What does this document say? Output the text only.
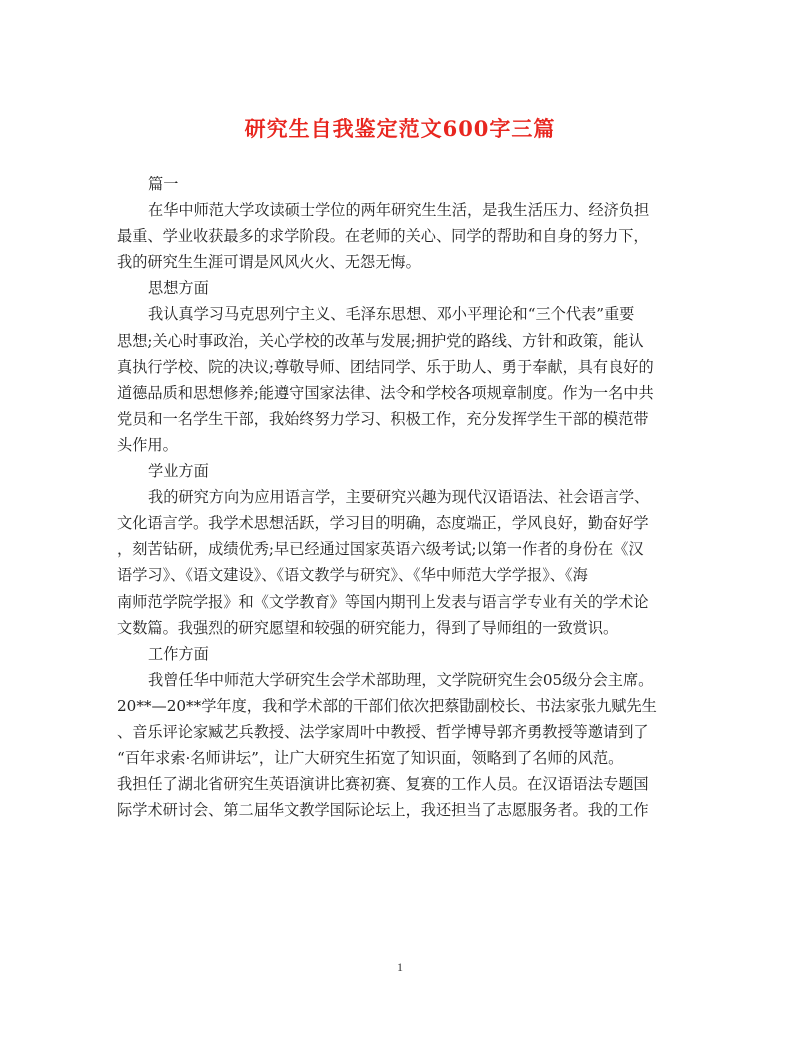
研究生自我鉴定范文600字三篇
篇一
在华中师范大学攻读硕士学位的两年研究生生活，是我生活压力、经济负担
最重、学业收获最多的求学阶段。在老师的关心、同学的帮助和自身的努力下，
我的研究生生涯可谓是风风火火、无怨无悔。
思想方面
我认真学习马克思列宁主义、毛泽东思想、邓小平理论和“三个代表”重要
思想;关心时事政治，关心学校的改革与发展;拥护党的路线、方针和政策，能认
真执行学校、院的决议;尊敬导师、团结同学、乐于助人、勇于奉献，具有良好的
道德品质和思想修养;能遵守国家法律、法令和学校各项规章制度。作为一名中共
党员和一名学生干部，我始终努力学习、积极工作，充分发挥学生干部的模范带
头作用。
学业方面
我的研究方向为应用语言学，主要研究兴趣为现代汉语语法、社会语言学、
文化语言学。我学术思想活跃，学习目的明确，态度端正，学风良好，勤奋好学
，刻苦钻研，成绩优秀;早已经通过国家英语六级考试;以第一作者的身份在《汉
语学习》、《语文建设》、《语文教学与研究》、《华中师范大学学报》、《海
南师范学院学报》和《文学教育》等国内期刊上发表与语言学专业有关的学术论
文数篇。我强烈的研究愿望和较强的研究能力，得到了导师组的一致赏识。
工作方面
我曾任华中师范大学研究生会学术部助理，文学院研究生会05级分会主席。
20**—20**学年度，我和学术部的干部们依次把蔡勖副校长、书法家张九赋先生
、音乐评论家臧艺兵教授、法学家周叶中教授、哲学博导郭齐勇教授等邀请到了
“百年求索·名师讲坛”，让广大研究生拓宽了知识面，领略到了名师的风范。
我担任了湖北省研究生英语演讲比赛初赛、复赛的工作人员。在汉语语法专题国
际学术研讨会、第二届华文教学国际论坛上，我还担当了志愿服务者。我的工作
1
